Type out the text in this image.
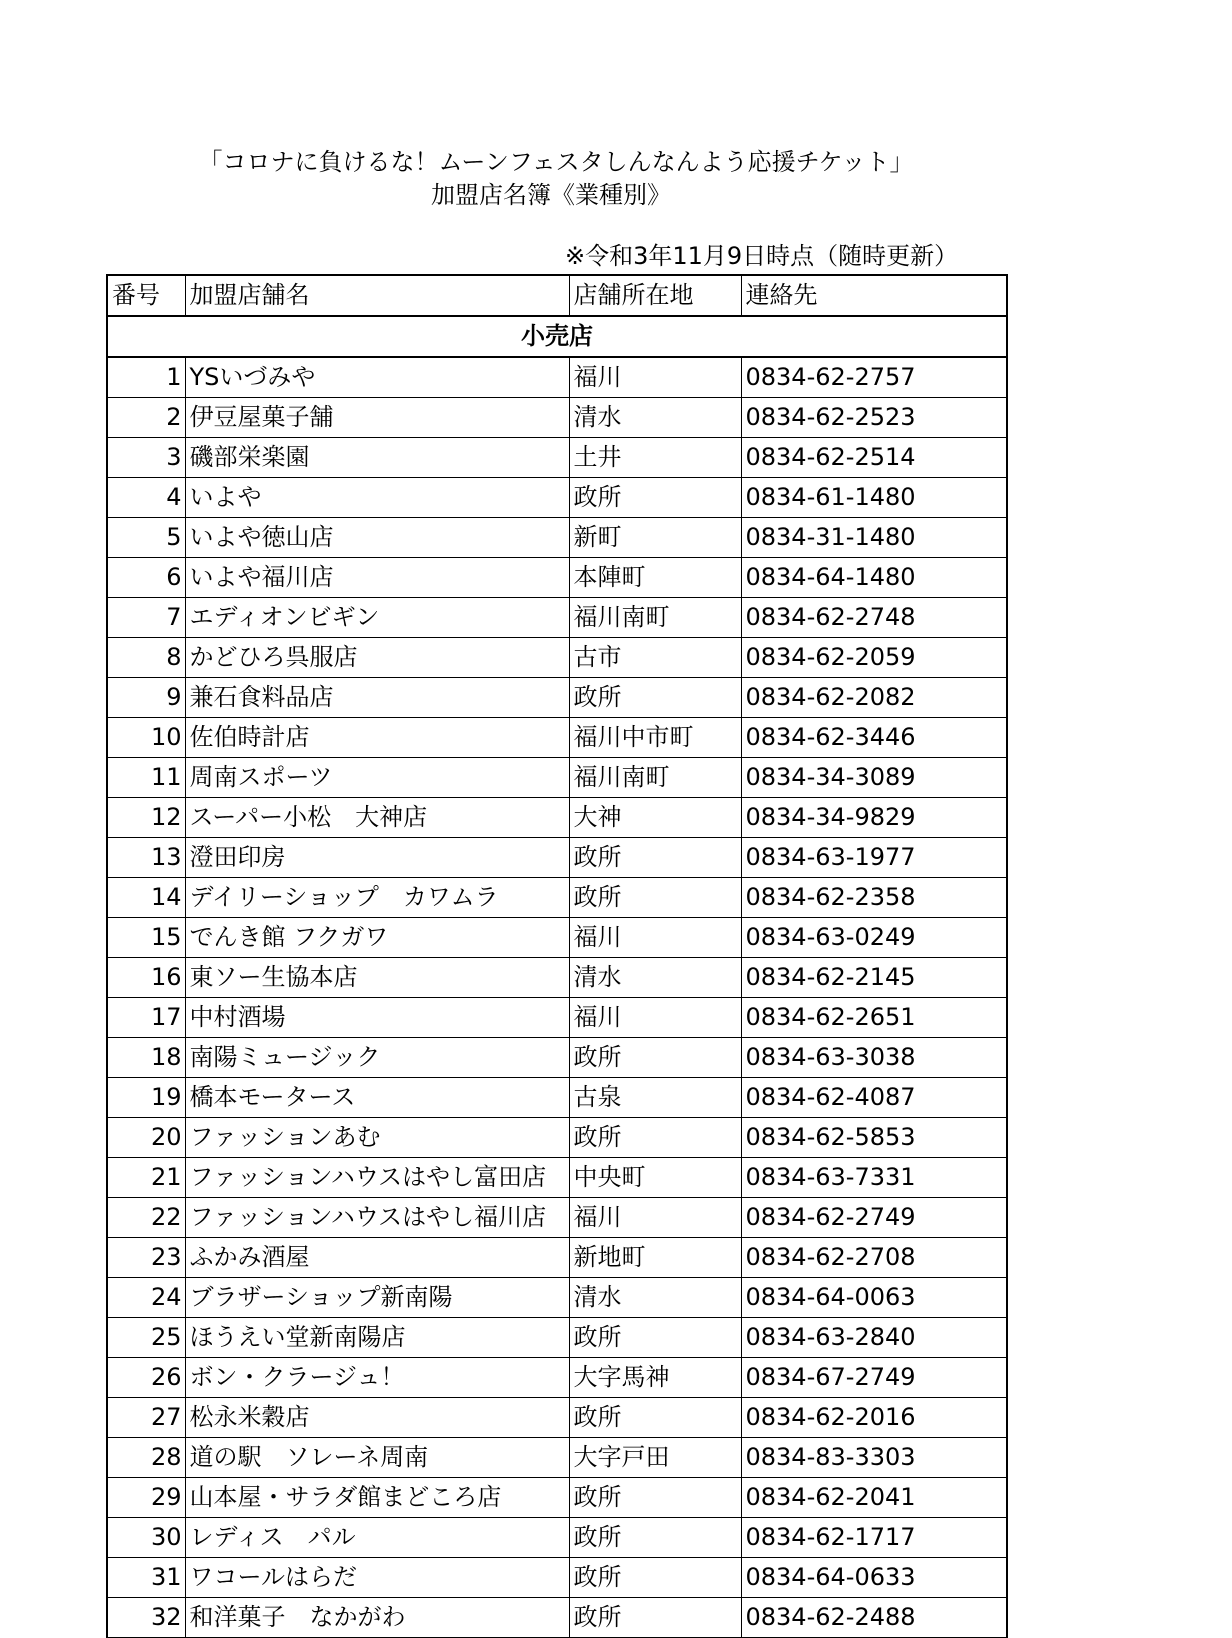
「コロナに負けるな！ムーンフェスタしんなんよう応援チケット」
加盟店名簿《業種別》
※令和3年11月9日時点（随時更新）
番号	加盟店舗名	店舗所在地	連絡先
小売店			
1	YSいづみや	福川	0834-62-2757
2	伊豆屋菓子舗	清水	0834-62-2523
3	磯部栄楽園	土井	0834-62-2514
4	いよや	政所	0834-61-1480
5	いよや徳山店	新町	0834-31-1480
6	いよや福川店	本陣町	0834-64-1480
7	エディオンビギン	福川南町	0834-62-2748
8	かどひろ呉服店	古市	0834-62-2059
9	兼石食料品店	政所	0834-62-2082
10	佐伯時計店	福川中市町	0834-62-3446
11	周南スポーツ	福川南町	0834-34-3089
12	スーパー小松　大神店	大神	0834-34-9829
13	澄田印房	政所	0834-63-1977
14	デイリーショップ　カワムラ	政所	0834-62-2358
15	でんき館 フクガワ	福川	0834-63-0249
16	東ソー生協本店	清水	0834-62-2145
17	中村酒場	福川	0834-62-2651
18	南陽ミュージック	政所	0834-63-3038
19	橋本モータース	古泉	0834-62-4087
20	ファッションあむ	政所	0834-62-5853
21	ファッションハウスはやし富田店	中央町	0834-63-7331
22	ファッションハウスはやし福川店	福川	0834-62-2749
23	ふかみ酒屋	新地町	0834-62-2708
24	ブラザーショップ新南陽	清水	0834-64-0063
25	ほうえい堂新南陽店	政所	0834-63-2840
26	ボン・クラージュ！	大字馬神	0834-67-2749
27	松永米穀店	政所	0834-62-2016
28	道の駅　ソレーネ周南	大字戸田	0834-83-3303
29	山本屋・サラダ館まどころ店	政所	0834-62-2041
30	レディス　パル	政所	0834-62-1717
31	ワコールはらだ	政所	0834-64-0633
32	和洋菓子　なかがわ	政所	0834-62-2488
